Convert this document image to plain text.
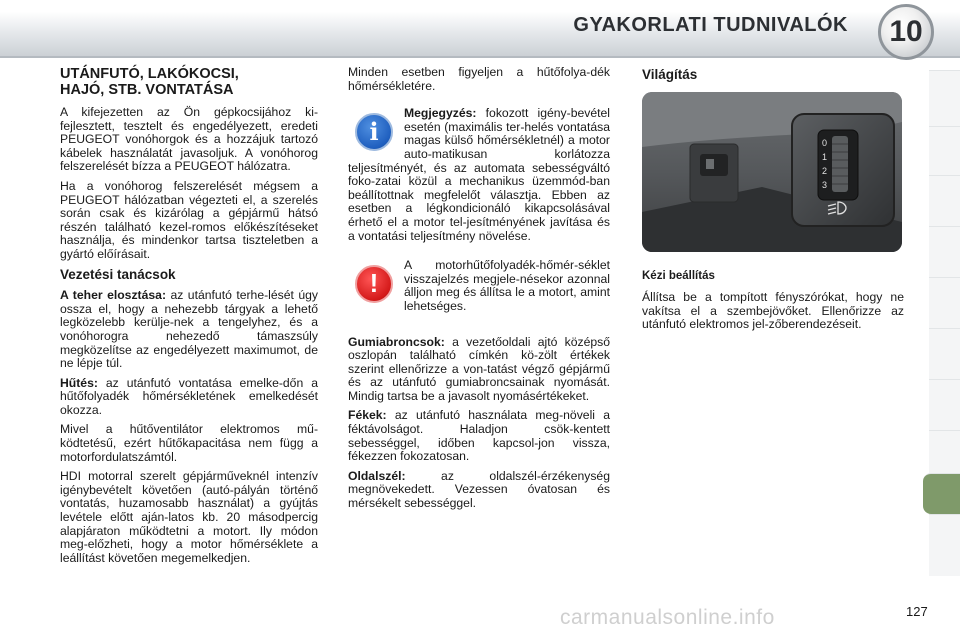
GYAKORLATI TUDNIVALÓK	10
UTÁNFUTÓ, LAKÓKOCSI,
HAJÓ, STB. VONTATÁSA

A kifejezetten az Ön gépkocsijához ki-fejlesztett, tesztelt és engedélyezett, eredeti PEUGEOT vonóhorgok és a hozzájuk tartozó kábelek használatát javasoljuk. A vonóhorog felszerelését bízza a PEUGEOT hálózatra.

Ha a vonóhorog felszerelését mégsem a PEUGEOT hálózatban végezteti el, a szerelés során csak és kizárólag a gépjármű hátsó részén található kezel-romos előkészítéseket használja, és mindenkor tartsa tiszteletben a gyártó előírásait.

Vezetési tanácsok

A teher elosztása: az utánfutó terhe-lését úgy ossza el, hogy a nehezebb tárgyak a lehető legközelebb kerülje-nek a tengelyhez, és a vonóhorogra nehezedő támaszsúly megközelítse az engedélyezett maximumot, de ne lépje túl.

Hűtés: az utánfutó vontatása emelke-dőn a hűtőfolyadék hőmérsékletének emelkedését okozza.

Mivel a hűtőventilátor elektromos mű-ködtetésű, ezért hűtőkapacitása nem függ a motorfordulatszámtól.

HDI motorral szerelt gépjárműveknél intenzív igénybevételt követően (autó-pályán történő vontatás, huzamosabb használat) a gyújtás levétele előtt aján-latos kb. 20 másodpercig alapjáraton működtetni a motort. Ily módon meg-előzheti, hogy a motor hőmérséklete a leállítást követően megemelkedjen.

Minden esetben figyeljen a hűtőfolya-dék hőmérsékletére.

i

Megjegyzés: fokozott igény-bevétel esetén (maximális ter-helés vontatása magas külső hőmérsékletnél) a motor auto-matikusan korlátozza teljesítményét, és az automata sebességváltó foko-zatai közül a mechanikus üzemmód-ban beállítottnak megfelelőt választja. Ebben az esetben a légkondicionáló kikapcsolásával érhető el a motor tel-jesítményének javítása és a vontatási teljesítmény növelése.

!

A motorhűtőfolyadék-hőmér-séklet visszajelzés megjele-nésekor azonnal álljon meg és állítsa le a motort, amint lehetséges.

Gumiabroncsok: a vezetőoldali ajtó középső oszlopán található címkén kö-zölt értékek szerint ellenőrizze a von-tatást végző gépjármű és az utánfutó gumiabroncsainak nyomását. Mindig tartsa be a javasolt nyomásértékeket.

Fékek: az utánfutó használata meg-növeli a féktávolságot. Haladjon csök-kentett sebességgel, időben kapcsol-jon vissza, fékezzen fokozatosan.

Oldalszél: az oldalszél-érzékenység megnövekedett. Vezessen óvatosan és mérsékelt sebességgel.

Világítás
0
1
2
3
Kézi beállítás

Állítsa be a tompított fényszórókat, hogy ne vakítsa el a szembejövőket. Ellenőrizze az utánfutó elektromos jel-zőberendezéseit.

carmanualsonline.info	127
